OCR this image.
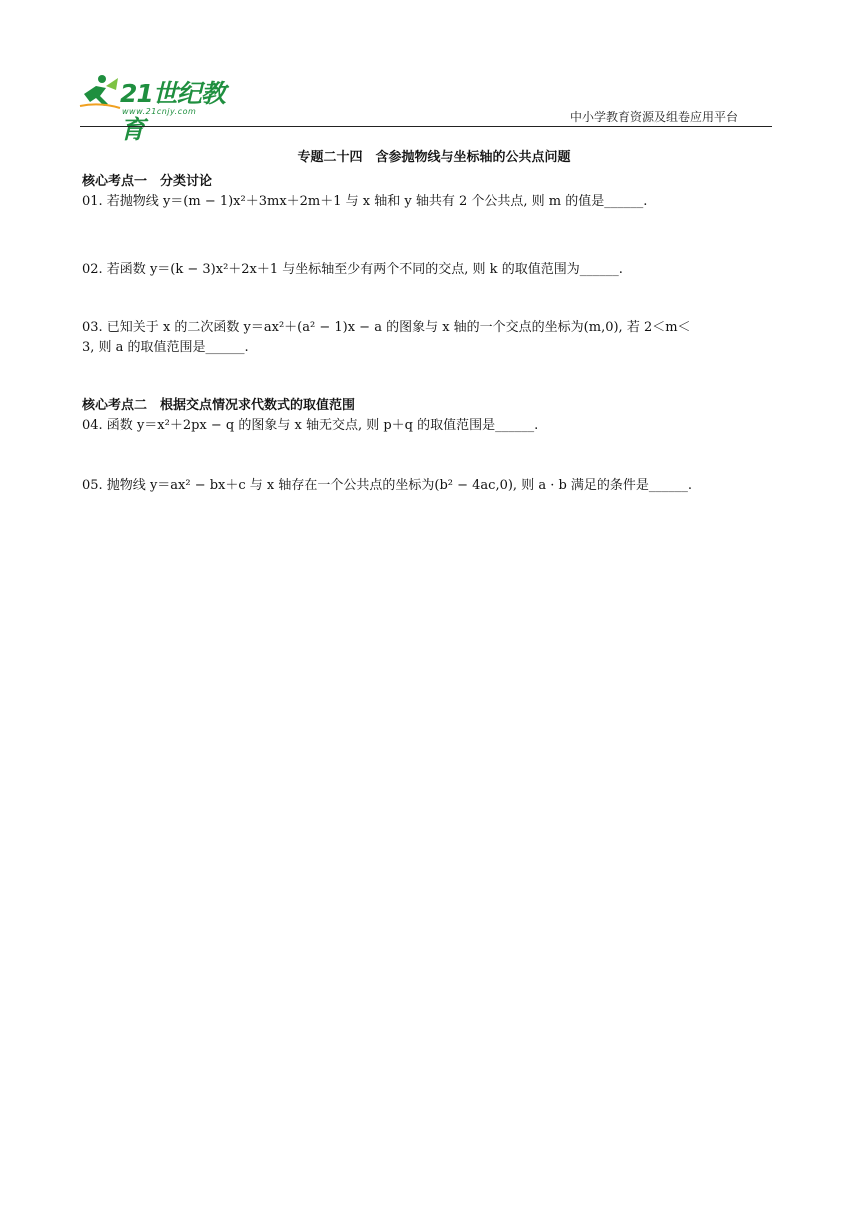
21世纪教育
www.21cnjy.com	中小学教育资源及组卷应用平台
专题二十四　含参抛物线与坐标轴的公共点问题
核心考点一　分类讨论

01. 若抛物线 y＝(m − 1)x²＋3mx＋2m＋1 与 x 轴和 y 轴共有 2 个公共点, 则 m 的值是______.

02. 若函数 y＝(k − 3)x²＋2x＋1 与坐标轴至少有两个不同的交点, 则 k 的取值范围为______.

03. 已知关于 x 的二次函数 y＝ax²＋(a² − 1)x − a 的图象与 x 轴的一个交点的坐标为(m,0), 若 2＜m＜

3, 则 a 的取值范围是______.

核心考点二　根据交点情况求代数式的取值范围

04. 函数 y＝x²＋2px − q 的图象与 x 轴无交点, 则 p＋q 的取值范围是______.

05. 抛物线 y＝ax² − bx＋c 与 x 轴存在一个公共点的坐标为(b² − 4ac,0), 则 a · b 满足的条件是______.
